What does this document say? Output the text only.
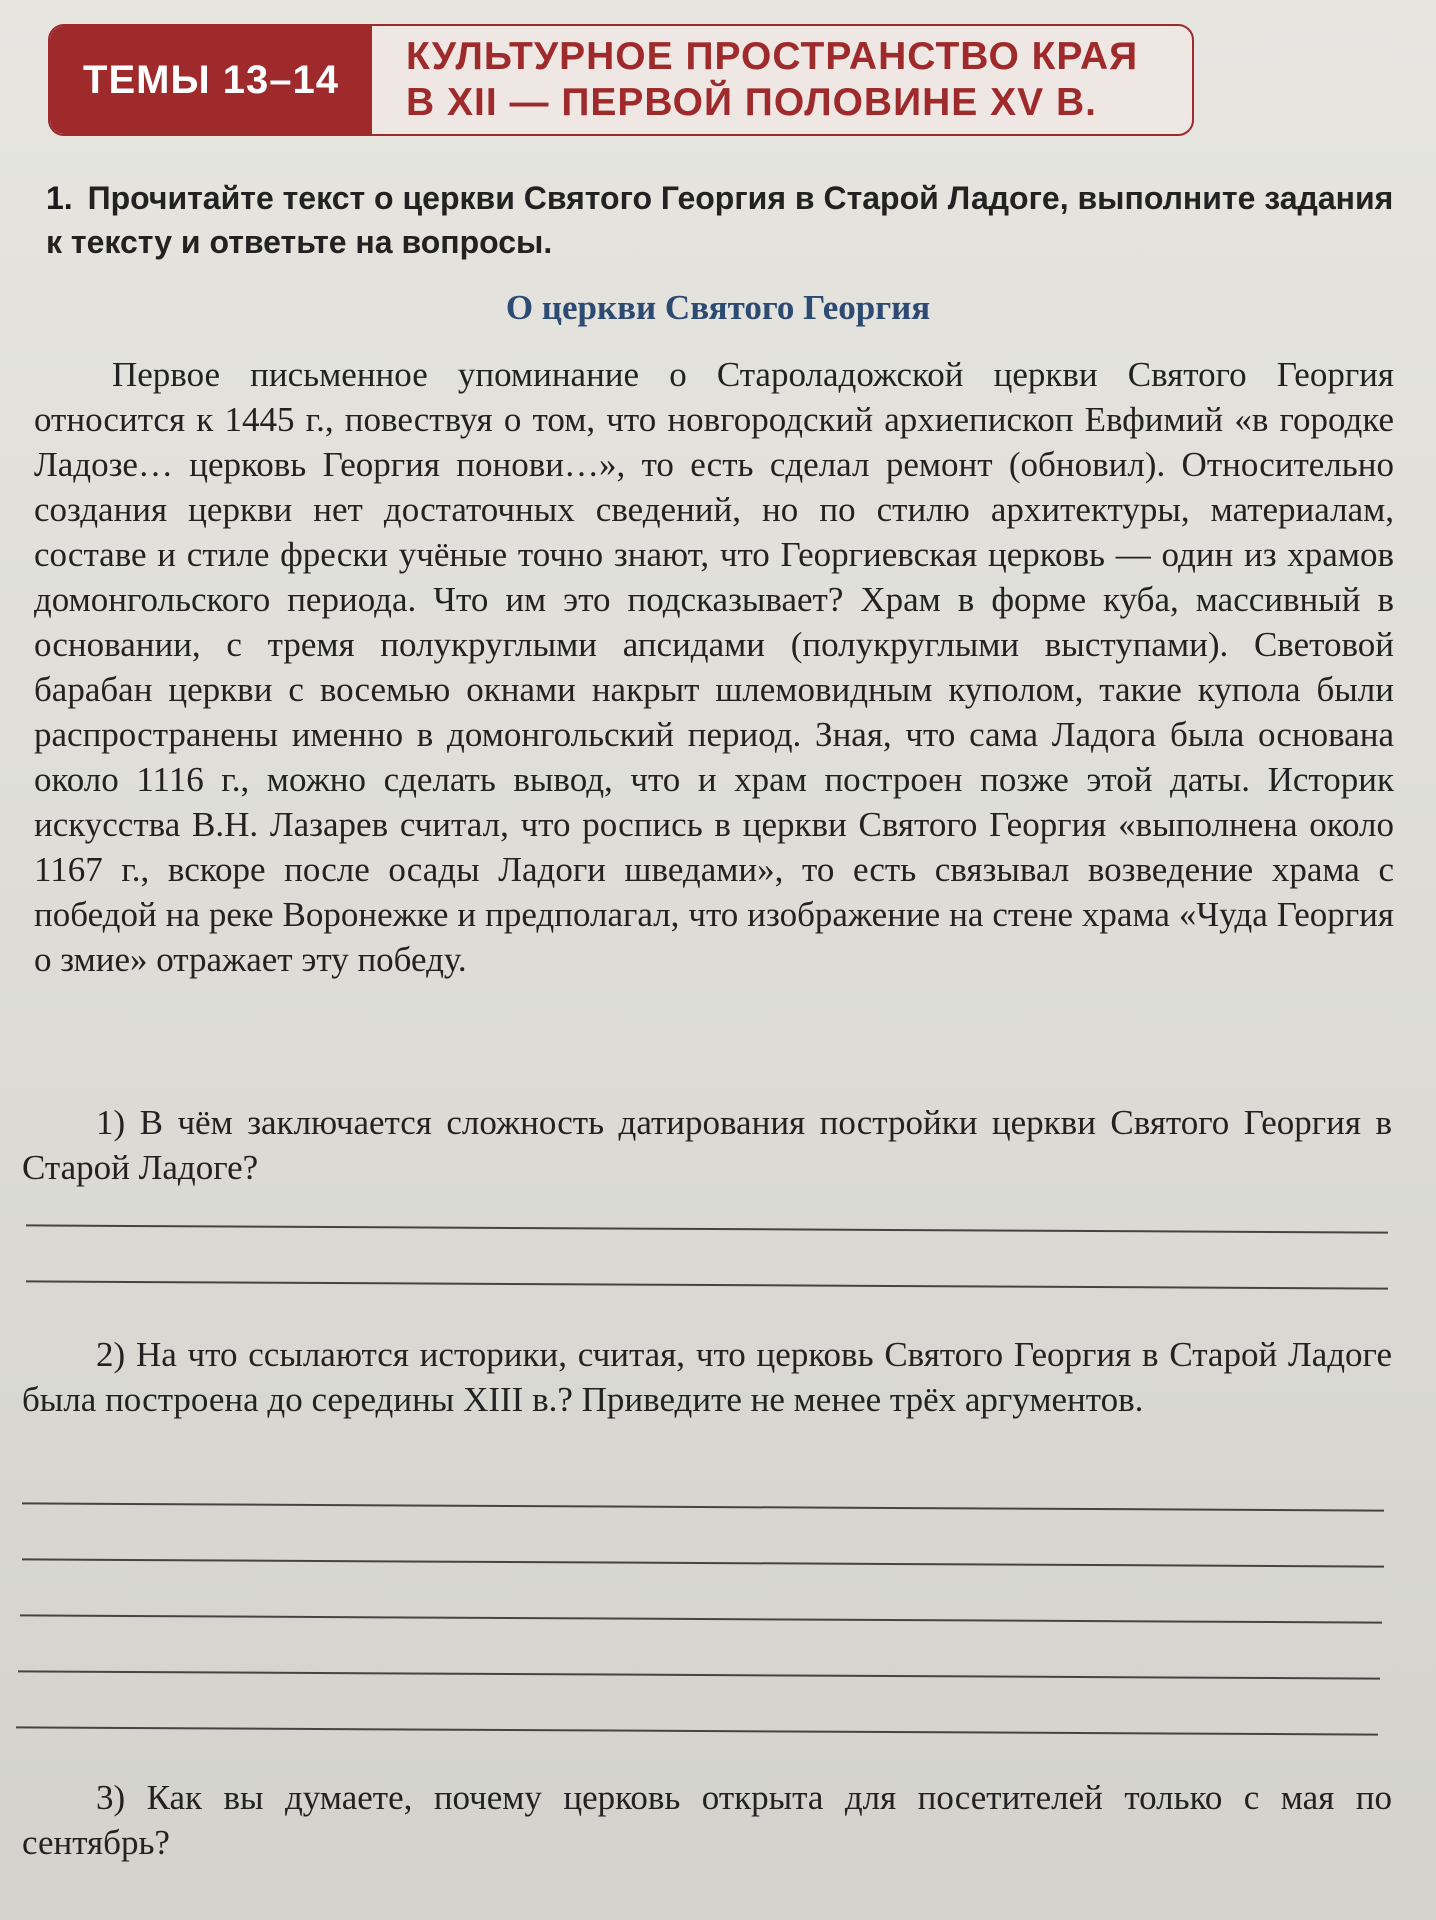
ТЕМЫ 13–14
КУЛЬТУРНОЕ ПРОСТРАНСТВО КРАЯ
В XII — ПЕРВОЙ ПОЛОВИНЕ XV В.
1. Прочитайте текст о церкви Святого Георгия в Старой Ладоге, выполните задания к тексту и ответьте на вопросы.
О церкви Святого Георгия
Первое письменное упоминание о Староладожской церкви Святого Георгия относится к 1445 г., повествуя о том, что новгородский архиепископ Евфимий «в городке Ладозе… церковь Георгия понови…», то есть сделал ремонт (обновил). Относительно создания церкви нет достаточных сведений, но по стилю архитектуры, материалам, составе и стиле фрески учёные точно знают, что Георгиевская церковь — один из храмов домонгольского периода. Что им это подсказывает? Храм в форме куба, массивный в основании, с тремя полукруглыми апсидами (полукруглыми выступами). Световой барабан церкви с восемью окнами накрыт шлемовидным куполом, такие купола были распространены именно в домонгольский период. Зная, что сама Ладога была основана около 1116 г., можно сделать вывод, что и храм построен позже этой даты. Историк искусства В.Н. Лазарев считал, что роспись в церкви Святого Георгия «выполнена около 1167 г., вскоре после осады Ладоги шведами», то есть связывал возведение храма с победой на реке Воронежке и предполагал, что изображение на стене храма «Чуда Георгия о змие» отражает эту победу.
1) В чём заключается сложность датирования постройки церкви Святого Георгия в Старой Ладоге?
2) На что ссылаются историки, считая, что церковь Святого Георгия в Старой Ладоге была построена до середины XIII в.? Приведите не менее трёх аргументов.
3) Как вы думаете, почему церковь открыта для посетителей только с мая по сентябрь?
